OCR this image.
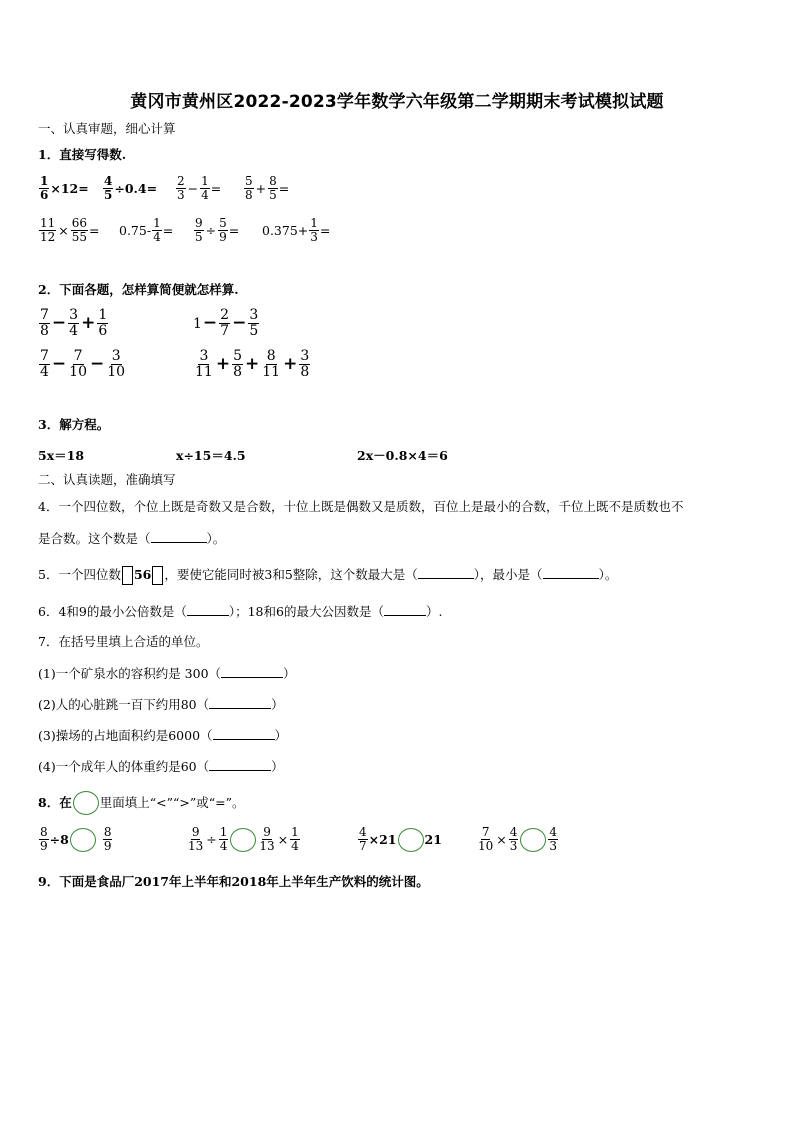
黄冈市黄州区2022-2023学年数学六年级第二学期期末考试模拟试题
一、认真审题，细心计算
1．直接写得数.
$\frac{1}{6} \times 12= \frac{4}{5} \div 0.4= \frac{2}{3} - \frac{1}{4} = \frac{5}{8} + \frac{8}{5}$ =
$\frac{11}{12} \times \frac{66}{55} = 0.75- \frac{1}{4} = \frac{9}{5} \div \frac{5}{9} = 0.375+ \frac{1}{3}$ =
2．下面各题，怎样算简便就怎样算.
$\frac{7}{8} - \frac{3}{4} + \frac{1}{6}$	$1 - \frac{2}{7} - \frac{3}{5}$
$\frac{7}{4} - \frac{7}{10} - \frac{3}{10}$	$\frac{3}{11} + \frac{5}{8} + \frac{8}{11} + \frac{3}{8}$
3．解方程。
5x＝18	x÷15＝4.5	2x－0.8×4＝6
二、认真读题，准确填写
4．一个四位数，个位上既是奇数又是合数，十位上既是偶数又是质数，百位上是最小的合数，千位上既不是质数也不
是合数。这个数是（	）。
5．一个四位数 56 ，要使它能同时被3和5整除，这个数最大是（	），最小是（	）。
6．4和9的最小公倍数是（	）；18和6的最大公因数是（	）.
7．在括号里填上合适的单位。
(1)一个矿泉水的容积约是 300（	）
(2)人的心脏跳一百下约用80（	）
(3)操场的占地面积约是6000（	）
(4)一个成年人的体重约是60（	）
8．在 里面填上“<”“>”或“=”。
$\frac{8}{9} \div 8$	$\frac{8}{9}$	$\frac{9}{13} \div \frac{1}{4}$	$\frac{9}{13} \times \frac{1}{4}$	$\frac{4}{7} \times 21$ 21	$\frac{7}{10} \times \frac{4}{3}$	$\frac{4}{3}$
9．下面是食品厂2017年上半年和2018年上半年生产饮料的统计图。
